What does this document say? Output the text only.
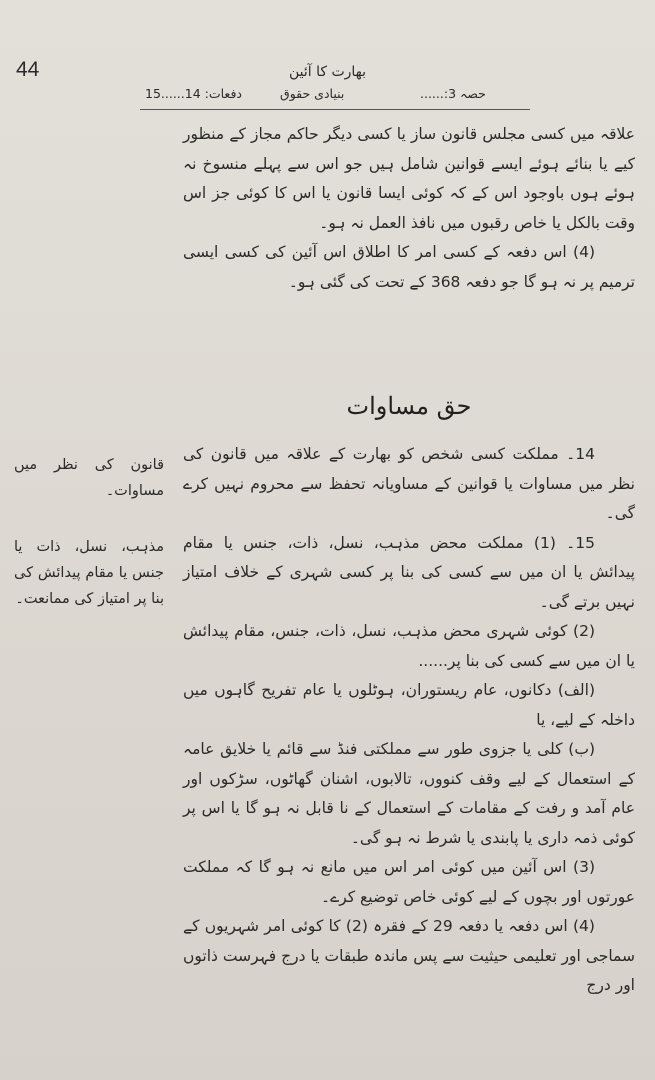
44	بھارت کا آئین
حصہ 3:......
بنیادی حقوق
دفعات: 14......15

علاقہ میں کسی مجلس قانون ساز یا کسی دیگر حاکم مجاز کے منظور کیے یا بنائے ہوئے ایسے قوانین شامل ہیں جو اس سے پہلے منسوخ نہ ہوئے ہوں باوجود اس کے کہ کوئی ایسا قانون یا اس کا کوئی جز اس وقت بالکل یا خاص رقبوں میں نافذ العمل نہ ہو۔

(4) اس دفعہ کے کسی امر کا اطلاق اس آئین کی کسی ایسی ترمیم پر نہ ہو گا جو دفعہ 368 کے تحت کی گئی ہو۔

حق مساوات

14۔ مملکت کسی شخص کو بھارت کے علاقہ میں قانون کی نظر میں مساوات یا قوانین کے مساویانہ تحفظ سے محروم نہیں کرے گی۔

15۔ (1) مملکت محض مذہب، نسل، ذات، جنس یا مقام پیدائش یا ان میں سے کسی کی بنا پر کسی شہری کے خلاف امتیاز نہیں برتے گی۔

(2) کوئی شہری محض مذہب، نسل، ذات، جنس، مقام پیدائش یا ان میں سے کسی کی بنا پر......

(الف) دکانوں، عام ریستوران، ہوٹلوں یا عام تفریح گاہوں میں داخلہ کے لیے، یا

(ب) کلی یا جزوی طور سے مملکتی فنڈ سے قائم یا خلایق عامہ کے استعمال کے لیے وقف کنووں، تالابوں، اشنان گھاٹوں، سڑکوں اور عام آمد و رفت کے مقامات کے استعمال کے نا قابل نہ ہو گا یا اس پر کوئی ذمہ داری یا پابندی یا شرط نہ ہو گی۔

(3) اس آئین میں کوئی امر اس میں مانع نہ ہو گا کہ مملکت عورتوں اور بچوں کے لیے کوئی خاص توضیع کرے۔

(4) اس دفعہ یا دفعہ 29 کے فقرہ (2) کا کوئی امر شہریوں کے سماجی اور تعلیمی حیثیت سے پس ماندہ طبقات یا درج فہرست ذاتوں اور درج

قانون کی نظر میں مساوات۔

مذہب، نسل، ذات یا جنس یا مقام پیدائش کی بنا پر امتیاز کی ممانعت۔
